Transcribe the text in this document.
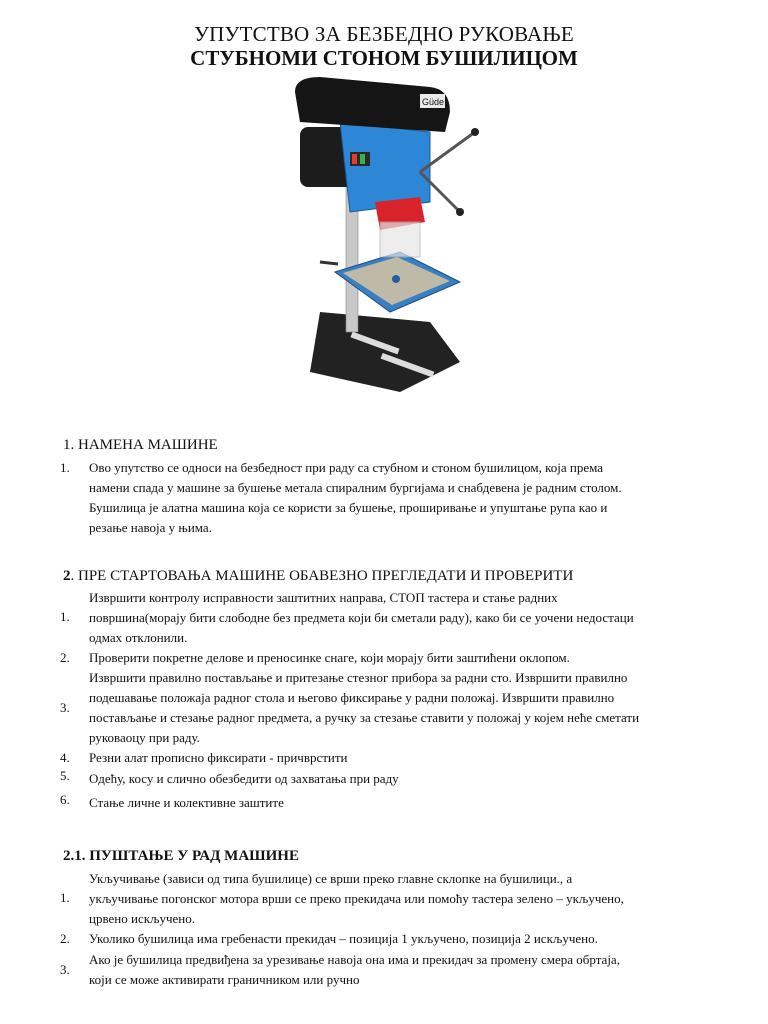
УПУТСТВО ЗА БЕЗБЕДНО РУКОВАЊЕ
СТУБНОМИ СТОНОМ БУШИЛИЦОМ
Güde
1. НАМЕНА МАШИНЕ
1. Ово упутство се односи на безбедност при раду са стубном и стоном бушилицом, која према
намени спада у машине за бушење метала спиралним бургијама и снабдевена је радним столом.
Бушилица је алатна машина која се користи за бушење, проширивање и упуштање рупа као и
резање навоја у њима.
2. ПРЕ СТАРТОВАЊА МАШИНЕ ОБАВЕЗНО ПРЕГЛЕДАТИ И ПРОВЕРИТИ
1.
Извршити контролу исправности заштитних направа, СТОП тастера и стање радних
површина(морају бити слободне без предмета који би сметали раду), како би се уочени недостаци
одмах отклонили.
2. Проверити покретне делове и преносинке снаге, који морају бити заштићени оклопом.
3.
Извршити правилно постављање и притезање стезног прибора за радни сто. Извршити правилно
подешавање положаја радног стола и његово фиксирање у радни положај. Извршити правилно
постављање и стезање радног предмета, а ручку за стезање ставити у положај у којем неће сметати
руковаоцу при раду.
4. Резни алат прописно фиксирати - причврстити
5. Одећу, косу и слично обезбедити од захватања при раду
6. Стање личне и колективне заштите
2.1. ПУШТАЊЕ У РАД МАШИНЕ
1.
Укључивање (зависи од типа бушилице) се врши преко главне склопке на бушилици., а
укључивање погонског мотора врши се преко прекидача или помоћу тастера зелено – укључено,
црвено искључено.
2. Уколико бушилица има гребенасти прекидач – позиција 1 укључено, позиција 2 искључено.
3.
Ако је бушилица предвиђена за урезивање навоја она има и прекидач за промену смера обртаја,
који се може активирати граничником или ручно
